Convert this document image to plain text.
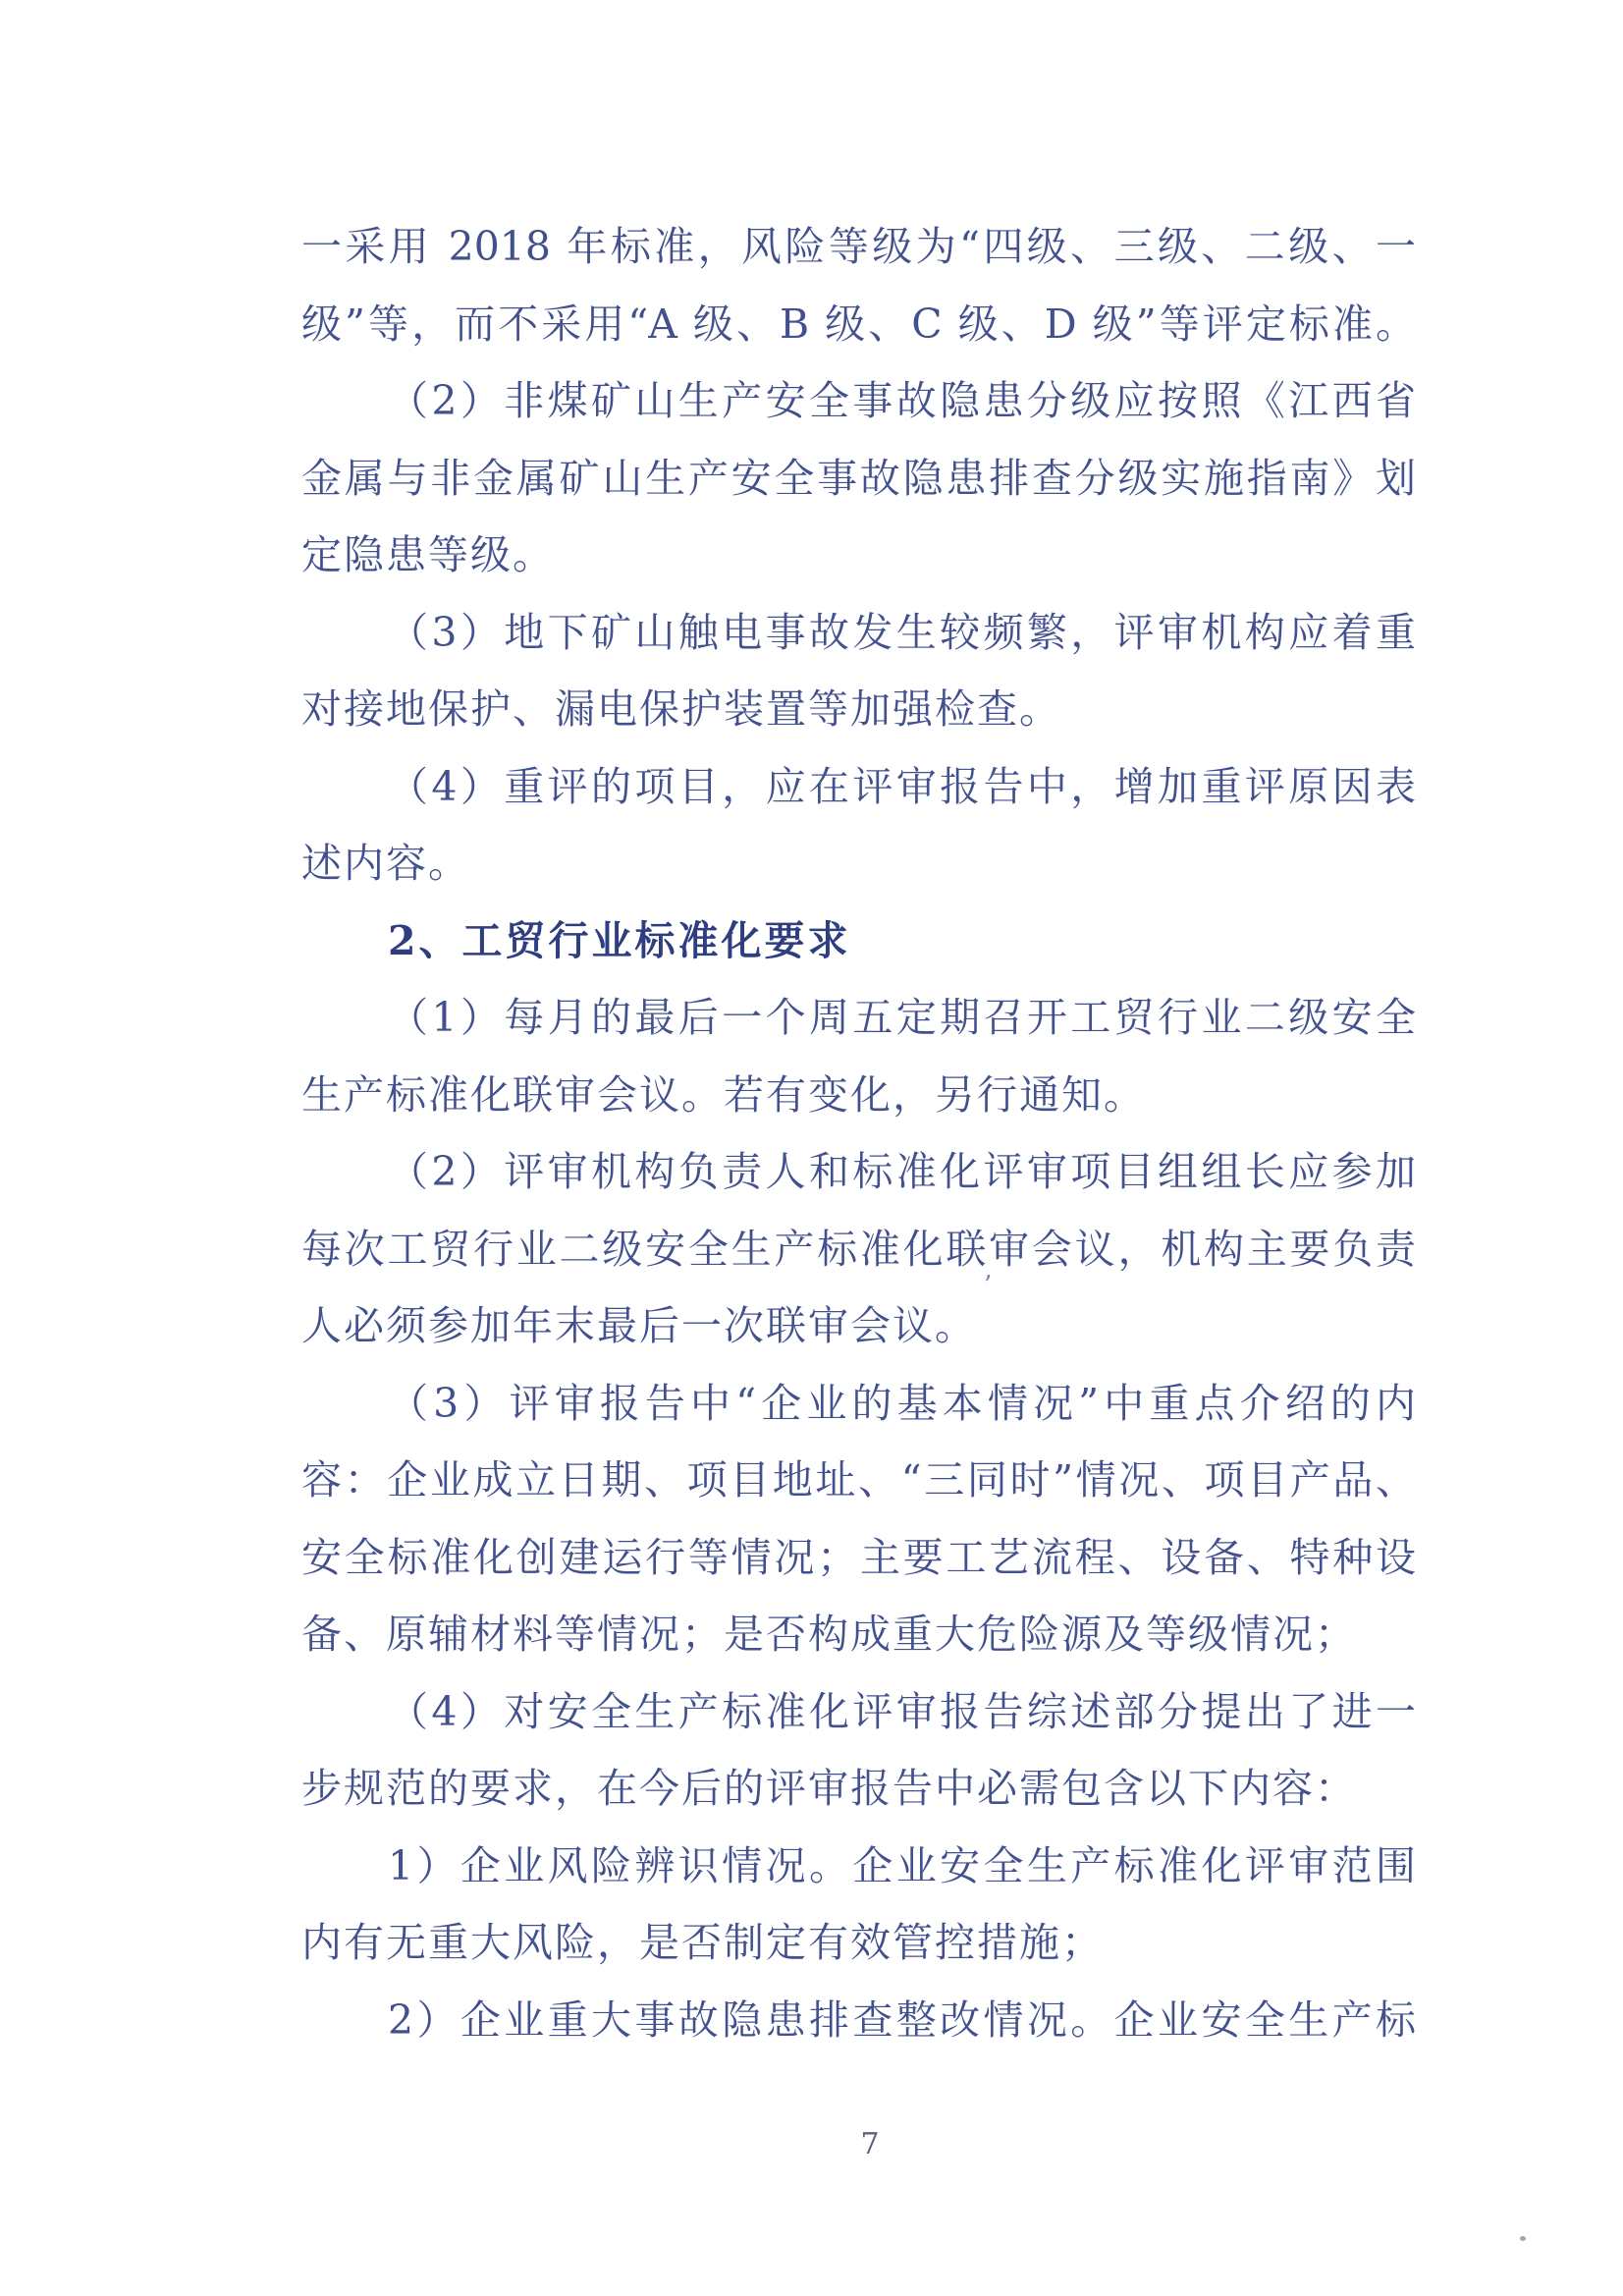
一采用 2018 年标准，风险等级为“四级、三级、二级、一
级”等，而不采用“A 级、B 级、C 级、D 级”等评定标准。
（2）非煤矿山生产安全事故隐患分级应按照《江西省
金属与非金属矿山生产安全事故隐患排查分级实施指南》划
定隐患等级。
（3）地下矿山触电事故发生较频繁，评审机构应着重
对接地保护、漏电保护装置等加强检查。
（4）重评的项目，应在评审报告中，增加重评原因表
述内容。
2、工贸行业标准化要求
（1）每月的最后一个周五定期召开工贸行业二级安全
生产标准化联审会议。若有变化，另行通知。
（2）评审机构负责人和标准化评审项目组组长应参加
每次工贸行业二级安全生产标准化联审会议，机构主要负责
人必须参加年末最后一次联审会议。
（3）评审报告中“企业的基本情况”中重点介绍的内
容：企业成立日期、项目地址、“三同时”情况、项目产品、
安全标准化创建运行等情况；主要工艺流程、设备、特种设
备、原辅材料等情况；是否构成重大危险源及等级情况；
（4）对安全生产标准化评审报告综述部分提出了进一
步规范的要求，在今后的评审报告中必需包含以下内容：
1）企业风险辨识情况。企业安全生产标准化评审范围
内有无重大风险，是否制定有效管控措施；
2）企业重大事故隐患排查整改情况。企业安全生产标
’
7
